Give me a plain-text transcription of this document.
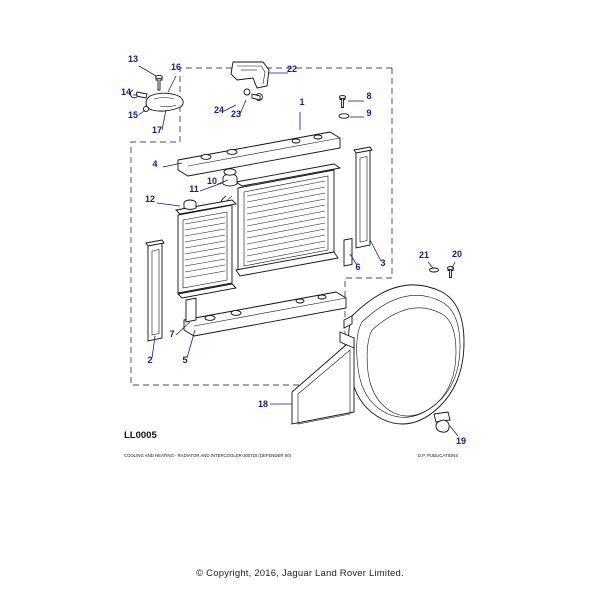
1
2
3
4
5
6
7
8
9
10
11
12
13
14
15
16
17
18
19
20
21
22
23
24
LL0005
COOLING AND HEATING - RADIATOR AND INTERCOOLER-300TDI (DEFENDER 90)	D.P. PUBLICATIONS
© Copyright, 2016, Jaguar Land Rover Limited.
